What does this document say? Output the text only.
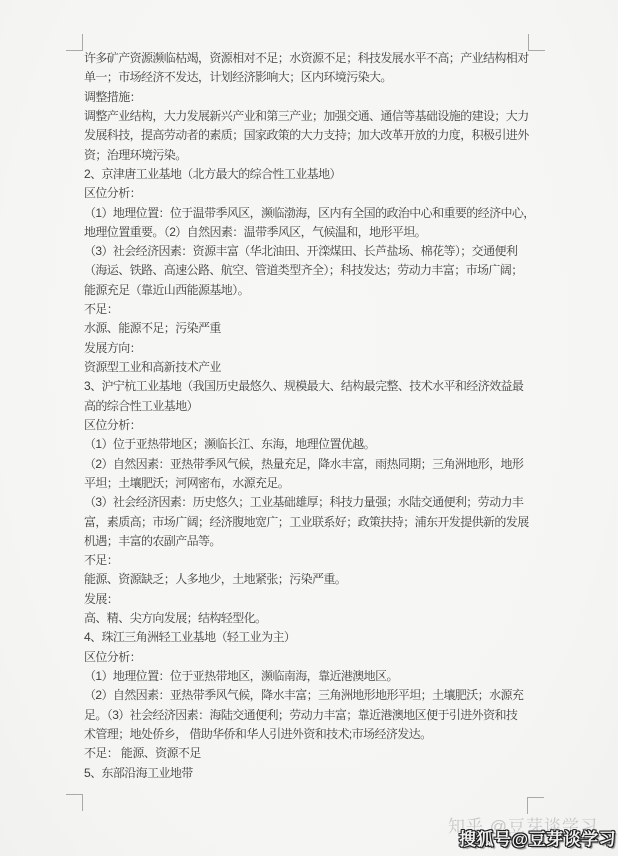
许多矿产资源濒临枯竭，资源相对不足；水资源不足；科技发展水平不高；产业结构相对
单一；市场经济不发达，计划经济影响大；区内环境污染大。
调整措施：
调整产业结构，大力发展新兴产业和第三产业；加强交通、通信等基础设施的建设；大力
发展科技，提高劳动者的素质；国家政策的大力支持；加大改革开放的力度，积极引进外
资；治理环境污染。
2、京津唐工业基地（北方最大的综合性工业基地）
区位分析：
（1）地理位置：位于温带季风区，濒临渤海，区内有全国的政治中心和重要的经济中心，
地理位置重要。（2）自然因素：温带季风区，气候温和，地形平坦。
（3）社会经济因素：资源丰富（华北油田、开滦煤田、长芦盐场、棉花等）；交通便利
（海运、铁路、高速公路、航空、管道类型齐全）；科技发达；劳动力丰富；市场广阔；
能源充足（靠近山西能源基地）。
不足：
水源、能源不足；污染严重
发展方向：
资源型工业和高新技术产业
3、沪宁杭工业基地（我国历史最悠久、规模最大、结构最完整、技术水平和经济效益最
高的综合性工业基地）
区位分析：
（1）位于亚热带地区；濒临长江、东海，地理位置优越。
（2）自然因素：亚热带季风气候，热量充足，降水丰富，雨热同期；三角洲地形，地形
平坦；土壤肥沃；河网密布，水源充足。
（3）社会经济因素：历史悠久；工业基础雄厚；科技力量强；水陆交通便利；劳动力丰
富，素质高；市场广阔；经济腹地宽广；工业联系好；政策扶持；浦东开发提供新的发展
机遇；丰富的农副产品等。
不足：
能源、资源缺乏；人多地少，土地紧张；污染严重。
发展：
高、精、尖方向发展；结构轻型化。
4、珠江三角洲轻工业基地（轻工业为主）
区位分析：
（1）地理位置：位于亚热带地区，濒临南海，靠近港澳地区。
（2）自然因素：亚热带季风气候，降水丰富；三角洲地形地形平坦；土壤肥沃；水源充
足。（3）社会经济因素：海陆交通便利；劳动力丰富；靠近港澳地区便于引进外资和技
术管理；地处侨乡， 借助华侨和华人引进外资和技术;市场经济发达。
不足： 能源、资源不足
5、东部沿海工业地带
知乎 @豆芽谈学习
搜狐号@豆芽谈学习
